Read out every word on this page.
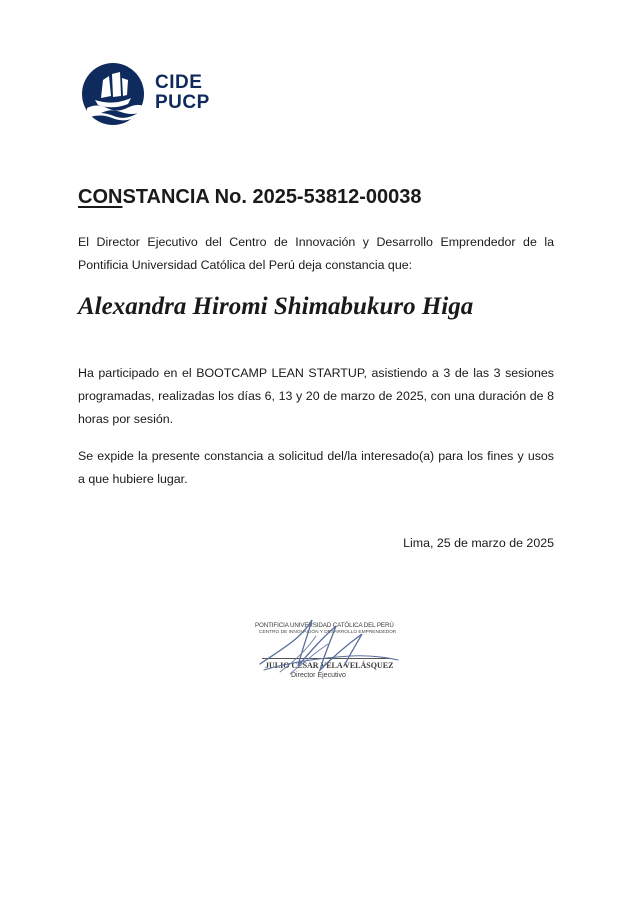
CIDE
PUCP
CONSTANCIA No. 2025-53812-00038
El Director Ejecutivo del Centro de Innovación y Desarrollo Emprendedor de la Pontificia Universidad Católica del Perú deja constancia que:
Alexandra Hiromi Shimabukuro Higa
Ha participado en el BOOTCAMP LEAN STARTUP, asistiendo a 3 de las 3 sesiones programadas, realizadas los días 6, 13 y 20 de marzo de 2025, con una duración de 8 horas por sesión.
Se expide la presente constancia a solicitud del/la interesado(a) para los fines y usos a que hubiere lugar.
Lima, 25 de marzo de 2025
PONTIFICIA UNIVERSIDAD CATÓLICA DEL PERÚ
CENTRO DE INNOVACIÓN Y DESARROLLO EMPRENDEDOR
JULIO CÉSAR VELA VELÁSQUEZ
Director Ejecutivo
